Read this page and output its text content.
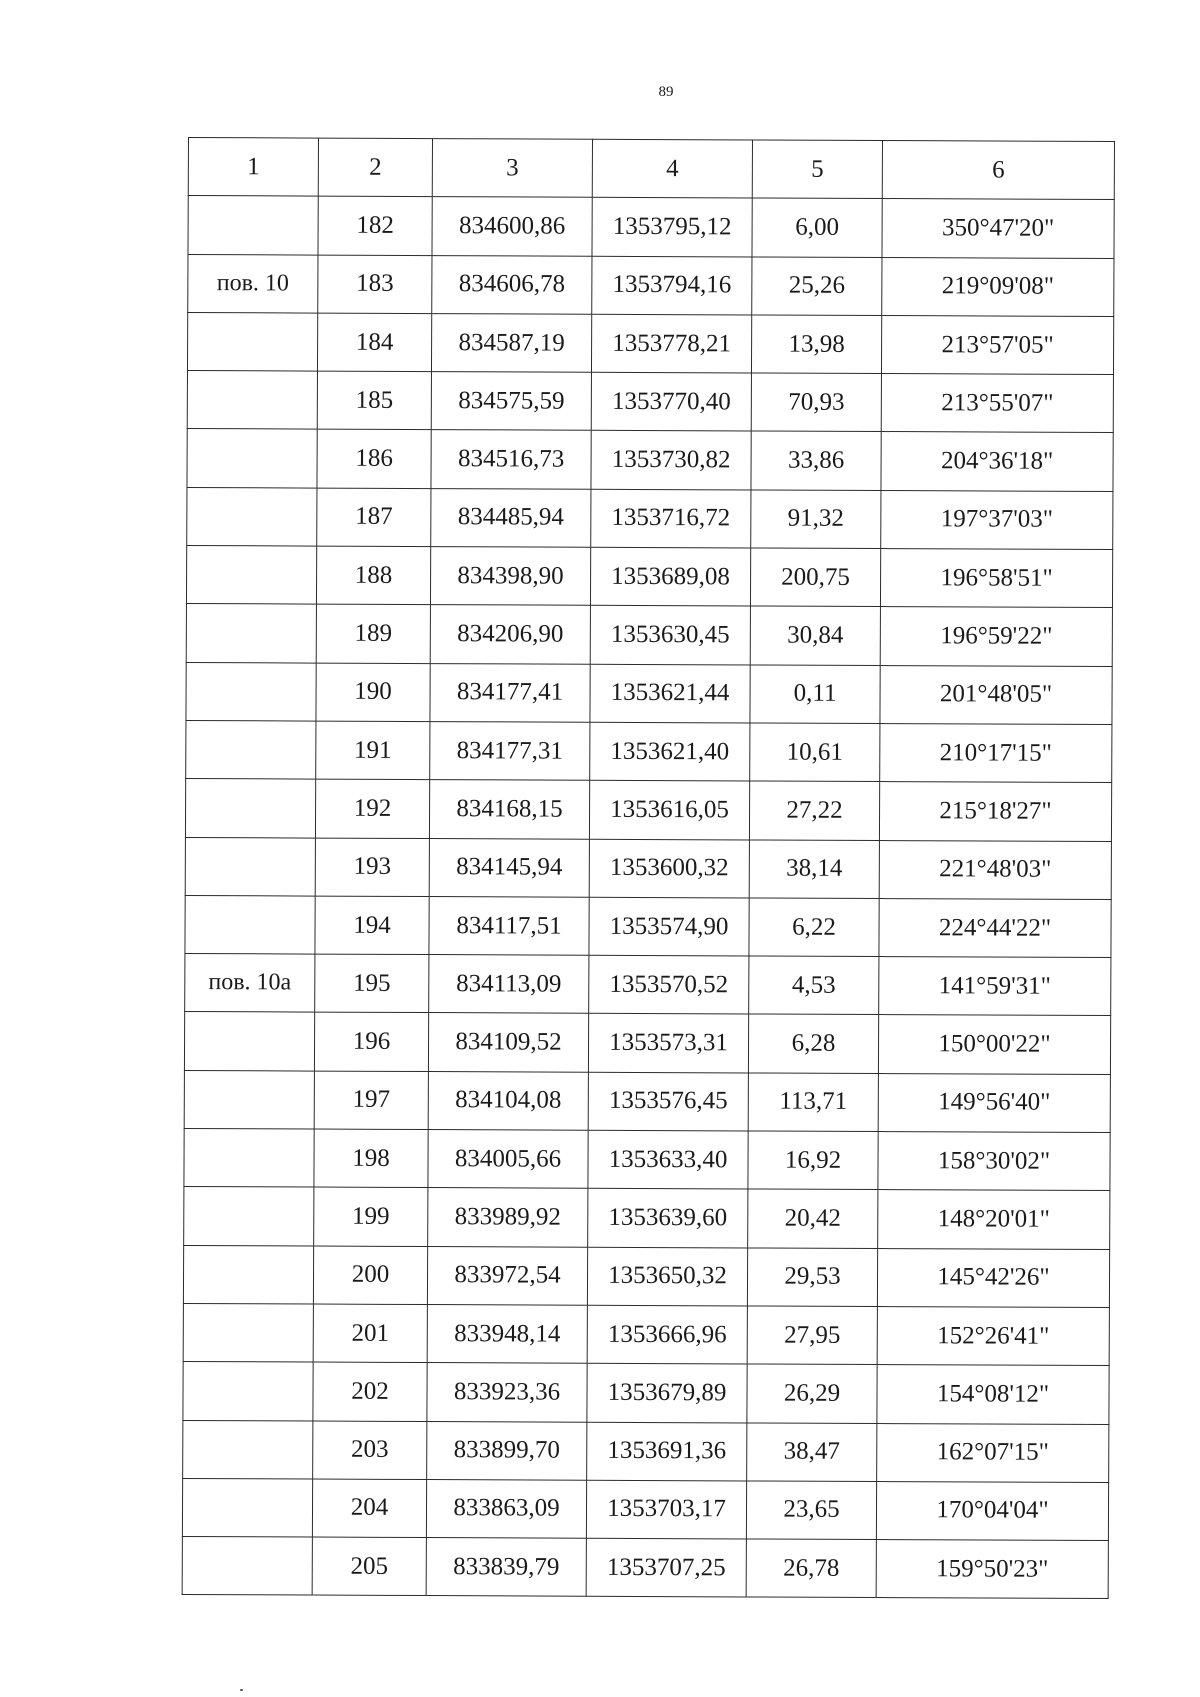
89
1	2	3	4	5	6
	182	834600,86	1353795,12	6,00	350°47'20"
пов. 10	183	834606,78	1353794,16	25,26	219°09'08"
	184	834587,19	1353778,21	13,98	213°57'05"
	185	834575,59	1353770,40	70,93	213°55'07"
	186	834516,73	1353730,82	33,86	204°36'18"
	187	834485,94	1353716,72	91,32	197°37'03"
	188	834398,90	1353689,08	200,75	196°58'51"
	189	834206,90	1353630,45	30,84	196°59'22"
	190	834177,41	1353621,44	0,11	201°48'05"
	191	834177,31	1353621,40	10,61	210°17'15"
	192	834168,15	1353616,05	27,22	215°18'27"
	193	834145,94	1353600,32	38,14	221°48'03"
	194	834117,51	1353574,90	6,22	224°44'22"
пов. 10а	195	834113,09	1353570,52	4,53	141°59'31"
	196	834109,52	1353573,31	6,28	150°00'22"
	197	834104,08	1353576,45	113,71	149°56'40"
	198	834005,66	1353633,40	16,92	158°30'02"
	199	833989,92	1353639,60	20,42	148°20'01"
	200	833972,54	1353650,32	29,53	145°42'26"
	201	833948,14	1353666,96	27,95	152°26'41"
	202	833923,36	1353679,89	26,29	154°08'12"
	203	833899,70	1353691,36	38,47	162°07'15"
	204	833863,09	1353703,17	23,65	170°04'04"
	205	833839,79	1353707,25	26,78	159°50'23"
